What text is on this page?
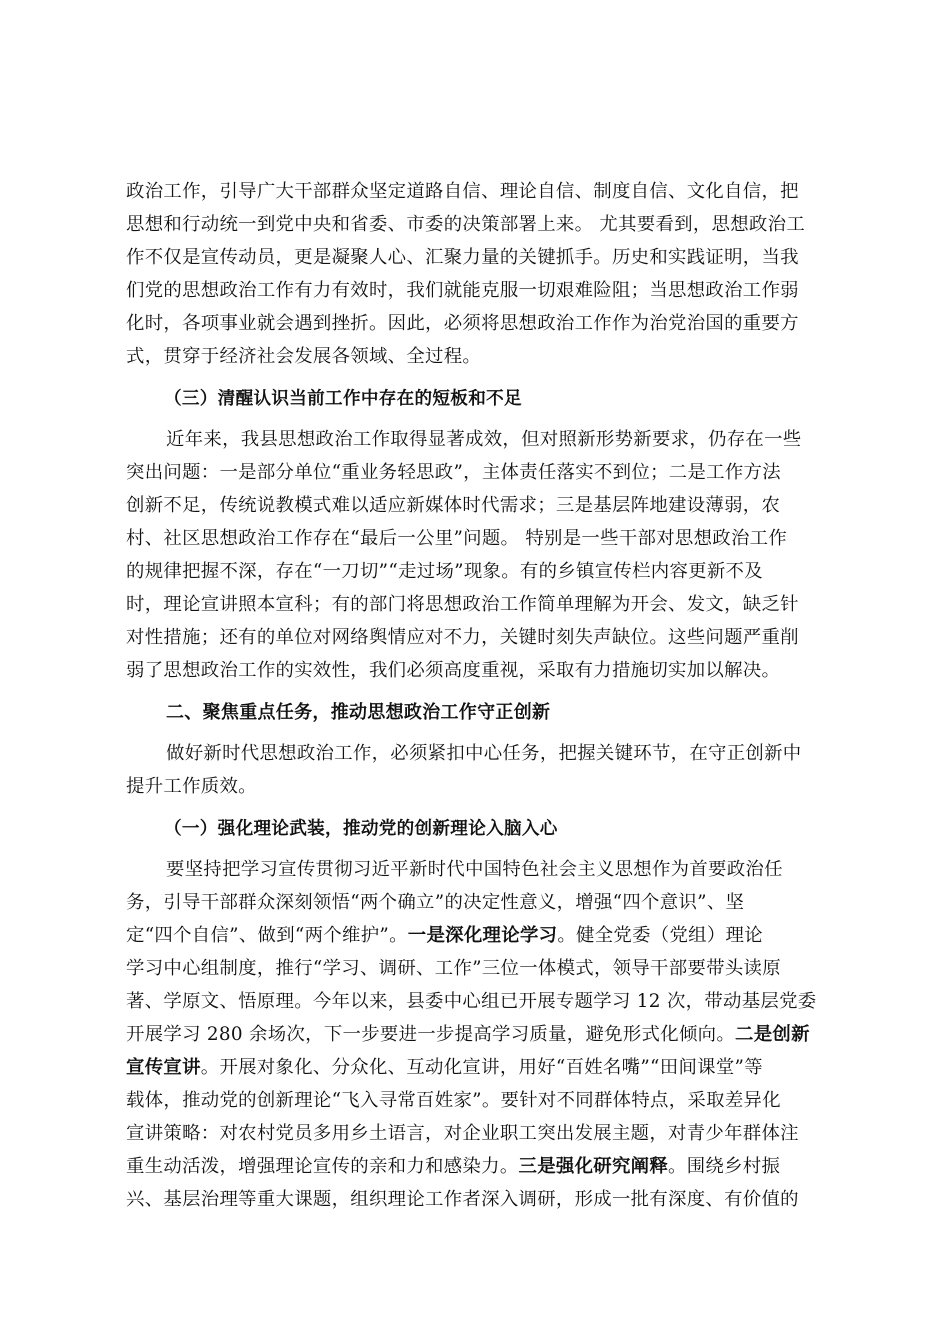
政治工作，引导广大干部群众坚定道路自信、理论自信、制度自信、文化自信，把
思想和行动统一到党中央和省委、市委的决策部署上来。 尤其要看到，思想政治工
作不仅是宣传动员，更是凝聚人心、汇聚力量的关键抓手。历史和实践证明，当我
们党的思想政治工作有力有效时，我们就能克服一切艰难险阻；当思想政治工作弱
化时，各项事业就会遇到挫折。因此，必须将思想政治工作作为治党治国的重要方
式，贯穿于经济社会发展各领域、全过程。
（三）清醒认识当前工作中存在的短板和不足
近年来，我县思想政治工作取得显著成效，但对照新形势新要求，仍存在一些
突出问题：一是部分单位“重业务轻思政”，主体责任落实不到位；二是工作方法
创新不足，传统说教模式难以适应新媒体时代需求；三是基层阵地建设薄弱，农
村、社区思想政治工作存在“最后一公里”问题。 特别是一些干部对思想政治工作
的规律把握不深，存在“一刀切”“走过场”现象。有的乡镇宣传栏内容更新不及
时，理论宣讲照本宣科；有的部门将思想政治工作简单理解为开会、发文，缺乏针
对性措施；还有的单位对网络舆情应对不力，关键时刻失声缺位。这些问题严重削
弱了思想政治工作的实效性，我们必须高度重视，采取有力措施切实加以解决。
二、聚焦重点任务，推动思想政治工作守正创新
做好新时代思想政治工作，必须紧扣中心任务，把握关键环节，在守正创新中
提升工作质效。
（一）强化理论武装，推动党的创新理论入脑入心
要坚持把学习宣传贯彻习近平新时代中国特色社会主义思想作为首要政治任
务，引导干部群众深刻领悟“两个确立”的决定性意义，增强“四个意识”、坚
定“四个自信”、做到“两个维护”。一是深化理论学习。健全党委（党组）理论
学习中心组制度，推行“学习、调研、工作”三位一体模式，领导干部要带头读原
著、学原文、悟原理。今年以来，县委中心组已开展专题学习 12 次，带动基层党委
开展学习 280 余场次，下一步要进一步提高学习质量，避免形式化倾向。二是创新
宣传宣讲。开展对象化、分众化、互动化宣讲，用好“百姓名嘴”“田间课堂”等
载体，推动党的创新理论“飞入寻常百姓家”。要针对不同群体特点，采取差异化
宣讲策略：对农村党员多用乡土语言，对企业职工突出发展主题，对青少年群体注
重生动活泼，增强理论宣传的亲和力和感染力。三是强化研究阐释。围绕乡村振
兴、基层治理等重大课题，组织理论工作者深入调研，形成一批有深度、有价值的
